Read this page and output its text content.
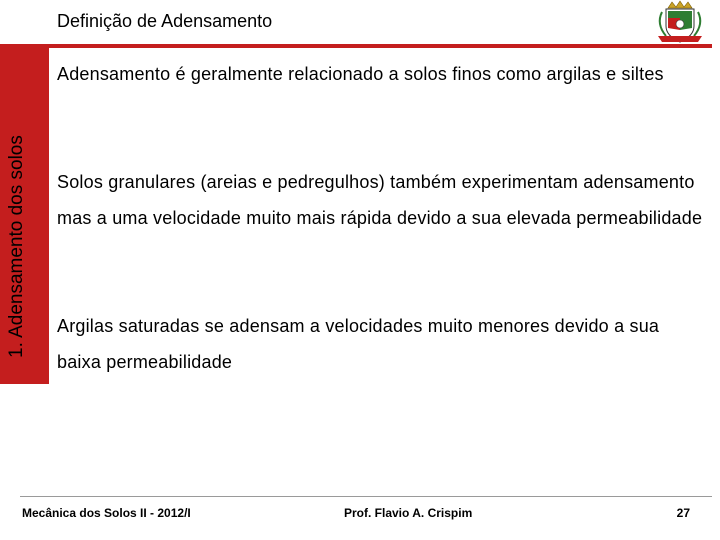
Definição de Adensamento
1. Adensamento dos solos
Adensamento é geralmente relacionado a solos finos como argilas e siltes
Solos granulares (areias e pedregulhos) também experimentam adensamento mas a uma velocidade muito mais rápida devido a sua elevada permeabilidade
Argilas saturadas se adensam a velocidades muito menores devido a sua baixa permeabilidade
Mecânica dos Solos II - 2012/I	Prof. Flavio A. Crispim	27
